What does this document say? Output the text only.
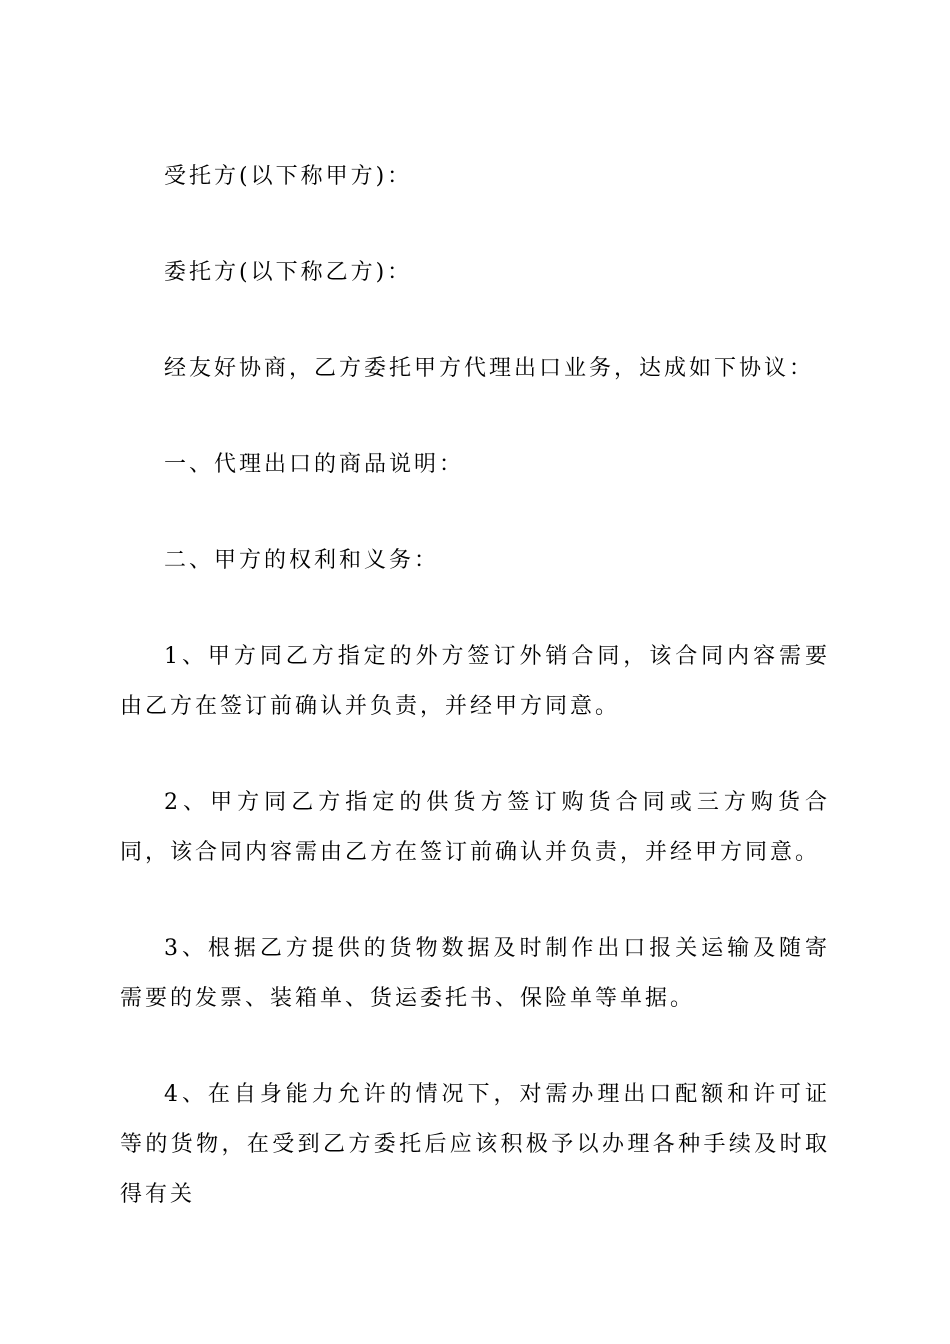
受托方(以下称甲方)：

委托方(以下称乙方)：

经友好协商，乙方委托甲方代理出口业务，达成如下协议：

一、代理出口的商品说明：

二、甲方的权利和义务：

1、甲方同乙方指定的外方签订外销合同，该合同内容需要由乙方在签订前确认并负责，并经甲方同意。

2、甲方同乙方指定的供货方签订购货合同或三方购货合同，该合同内容需由乙方在签订前确认并负责，并经甲方同意。

3、根据乙方提供的货物数据及时制作出口报关运输及随寄需要的发票、装箱单、货运委托书、保险单等单据。

4、在自身能力允许的情况下，对需办理出口配额和许可证等的货物，在受到乙方委托后应该积极予以办理各种手续及时取得有关
